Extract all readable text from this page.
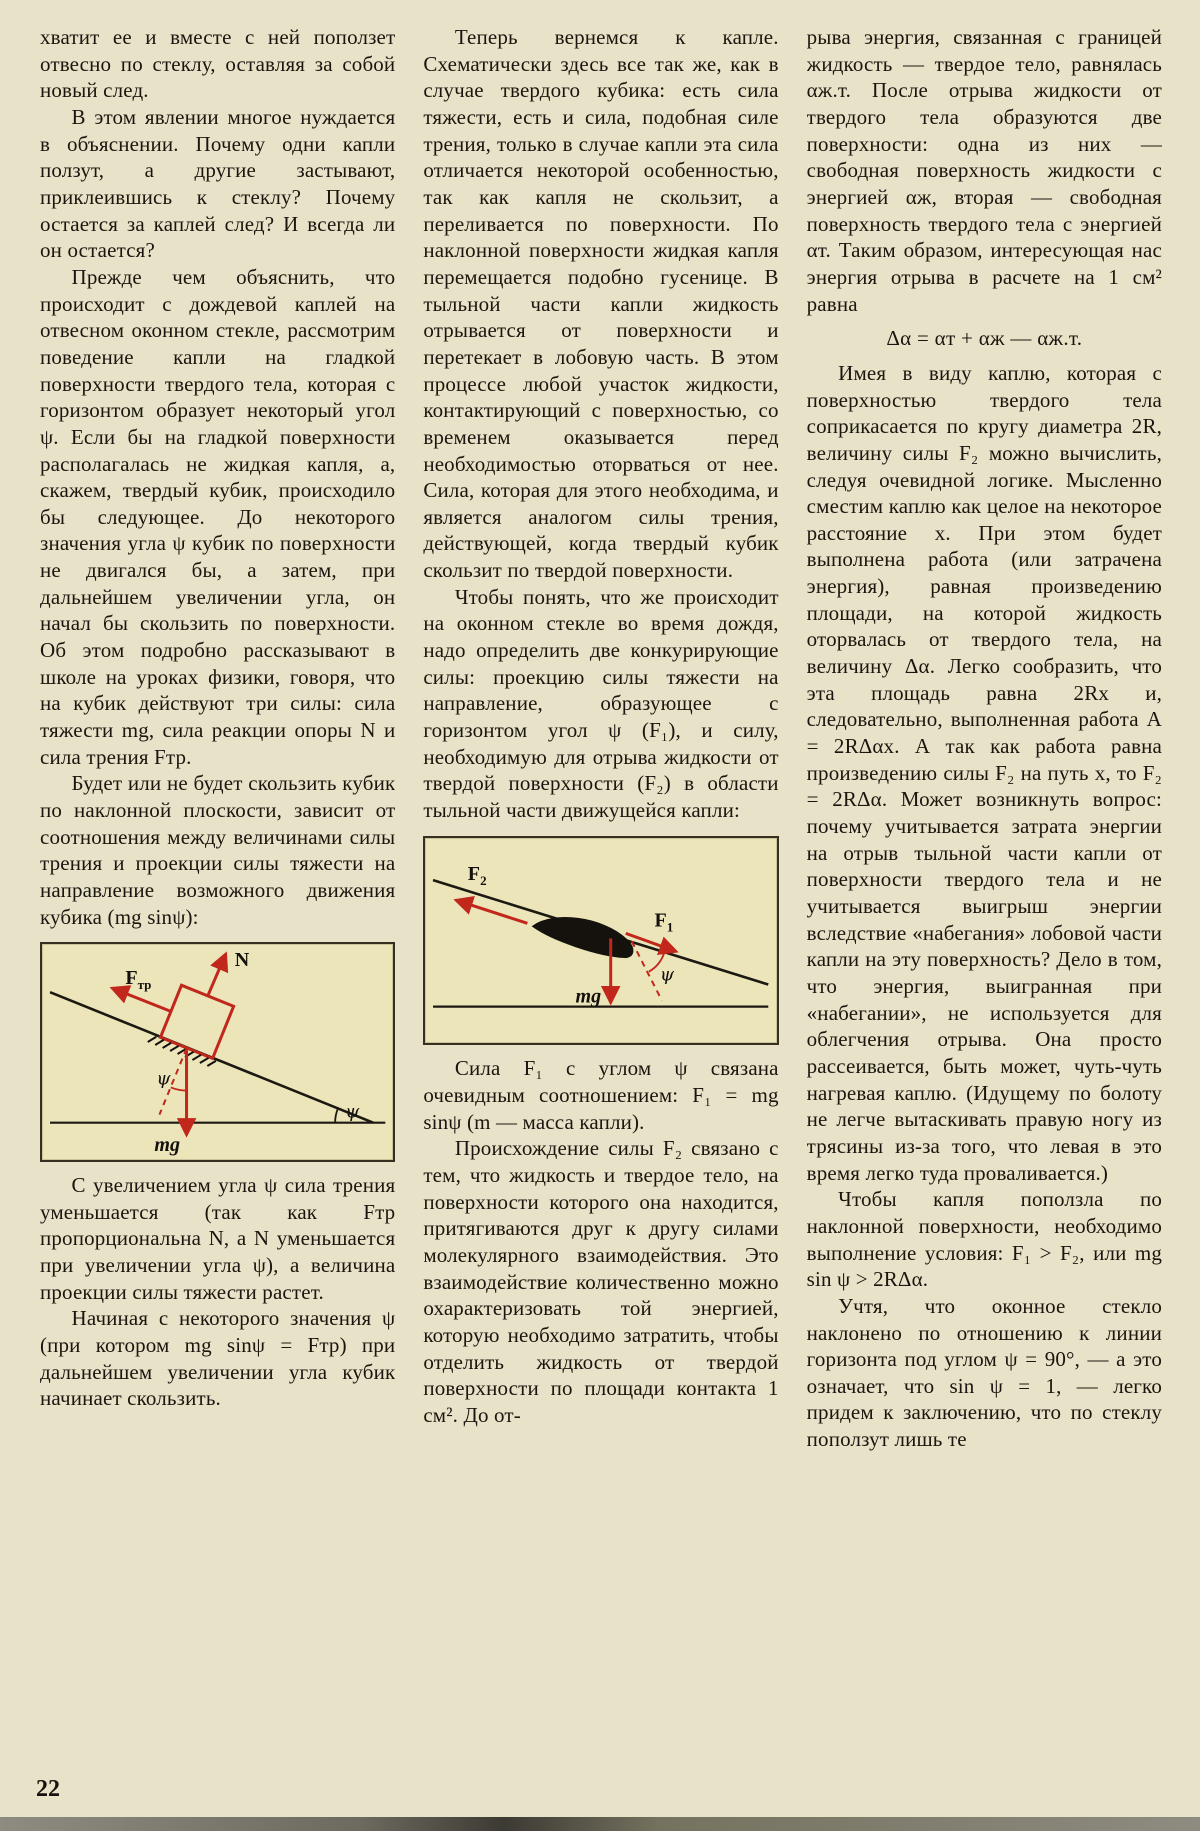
хватит ее и вместе с ней поползет отвесно по стеклу, оставляя за собой новый след.

В этом явлении многое нуждается в объяснении. Почему одни капли ползут, а другие застывают, приклеившись к стеклу? Почему остается за каплей след? И всегда ли он остается?

Прежде чем объяснить, что происходит с дождевой каплей на отвесном оконном стекле, рассмотрим поведение капли на гладкой поверхности твердого тела, которая с горизонтом образует некоторый угол ψ. Если бы на гладкой поверхности располагалась не жидкая капля, а, скажем, твердый кубик, происходило бы следующее. До некоторого значения угла ψ кубик по поверхности не двигался бы, а затем, при дальнейшем увеличении угла, он начал бы скользить по поверхности. Об этом подробно рассказывают в школе на уроках физики, говоря, что на кубик действуют три силы: сила тяжести mg, сила реакции опоры N и сила трения Fтр.

Будет или не будет скользить кубик по наклонной плоскости, зависит от соотношения между величинами силы трения и проекции силы тяжести на направление возможного движения кубика (mg sinψ):

ψ
N
$F_{тр}$
mg
ψ

С увеличением угла ψ сила трения уменьшается (так как Fтр пропорциональна N, а N уменьшается при увеличении угла ψ), а величина проекции силы тяжести растет.

Начиная с некоторого значения ψ (при котором mg sinψ = Fтр) при дальнейшем увеличении угла кубик начинает скользить.

Теперь вернемся к капле. Схематически здесь все так же, как в случае твердого кубика: есть сила тяжести, есть и сила, подобная силе трения, только в случае капли эта сила отличается некоторой особенностью, так как капля не скользит, а переливается по поверхности. По наклонной поверхности жидкая капля перемещается подобно гусенице. В тыльной части капли жидкость отрывается от поверхности и перетекает в лобовую часть. В этом процессе любой участок жидкости, контактирующий с поверхностью, со временем оказывается перед необходимостью оторваться от нее. Сила, которая для этого необходима, и является аналогом силы трения, действующей, когда твердый кубик скользит по твердой поверхности.

Чтобы понять, что же происходит на оконном стекле во время дождя, надо определить две конкурирующие силы: проекцию силы тяжести на направление, образующее с горизонтом угол ψ (F₁), и силу, необходимую для отрыва жидкости от твердой поверхности (F₂) в области тыльной части движущейся капли:

$F_2$
$F_1$
mg
ψ

Сила F₁ с углом ψ связана очевидным соотношением: F₁ = mg sinψ (m — масса капли).

Происхождение силы F₂ связано с тем, что жидкость и твердое тело, на поверхности которого она находится, притягиваются друг к другу силами молекулярного взаимодействия. Это взаимодействие количественно можно охарактеризовать той энергией, которую необходимо затратить, чтобы отделить жидкость от твердой поверхности по площади контакта 1 см². До от-

рыва энергия, связанная с границей жидкость — твердое тело, равнялась αж.т. После отрыва жидкости от твердого тела образуются две поверхности: одна из них — свободная поверхность жидкости с энергией αж, вторая — свободная поверхность твердого тела с энергией αт. Таким образом, интересующая нас энергия отрыва в расчете на 1 см² равна

Δα = αт + αж — αж.т.

Имея в виду каплю, которая с поверхностью твердого тела соприкасается по кругу диаметра 2R, величину силы F₂ можно вычислить, следуя очевидной логике. Мысленно сместим каплю как целое на некоторое расстояние x. При этом будет выполнена работа (или затрачена энергия), равная произведению площади, на которой жидкость оторвалась от твердого тела, на величину Δα. Легко сообразить, что эта площадь равна 2Rx и, следовательно, выполненная работа A = 2RΔαx. А так как работа равна произведению силы F₂ на путь x, то F₂ = 2RΔα. Может возникнуть вопрос: почему учитывается затрата энергии на отрыв тыльной части капли от поверхности твердого тела и не учитывается выигрыш энергии вследствие «набегания» лобовой части капли на эту поверхность? Дело в том, что энергия, выигранная при «набегании», не используется для облегчения отрыва. Она просто рассеивается, быть может, чуть-чуть нагревая каплю. (Идущему по болоту не легче вытаскивать правую ногу из трясины из-за того, что левая в это время легко туда проваливается.)

Чтобы капля поползла по наклонной поверхности, необходимо выполнение условия: F₁ > F₂, или mg sin ψ > 2RΔα.

Учтя, что оконное стекло наклонено по отношению к линии горизонта под углом ψ = 90°, — а это означает, что sin ψ = 1, — легко придем к заключению, что по стеклу поползут лишь те

22
